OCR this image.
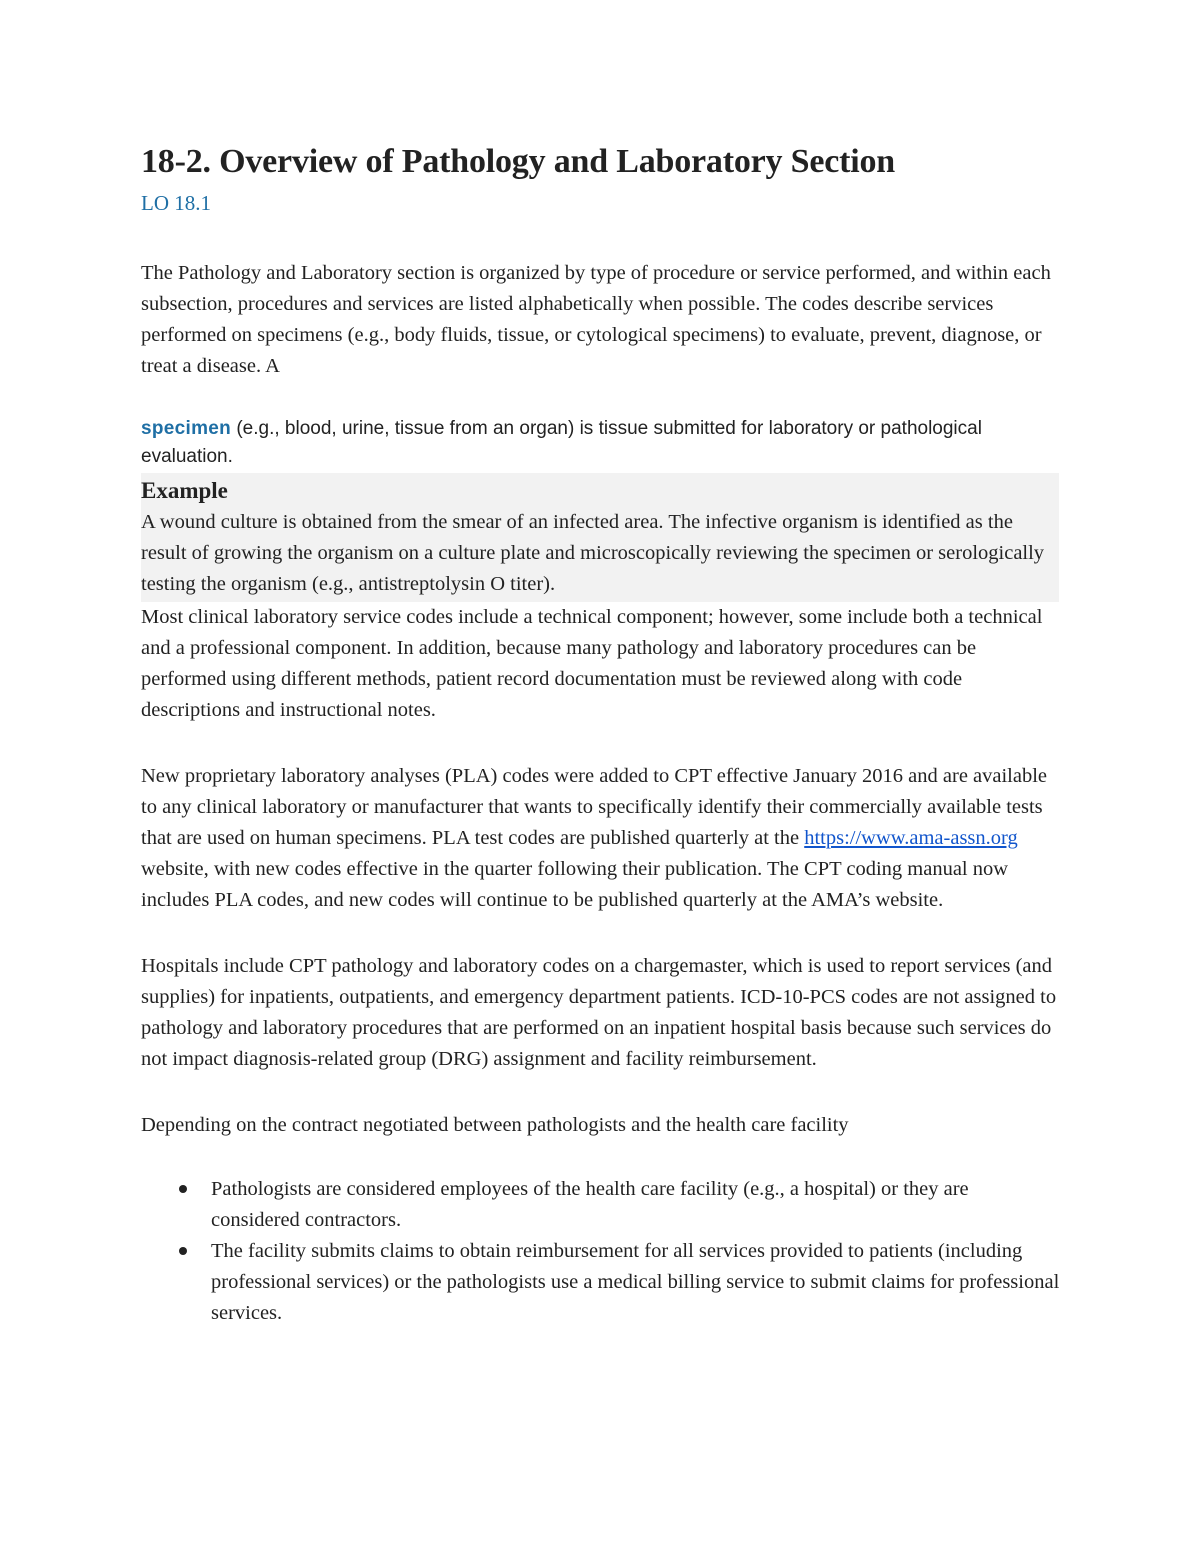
18-2. Overview of Pathology and Laboratory Section
LO 18.1

The Pathology and Laboratory section is organized by type of procedure or service performed, and within each subsection, procedures and services are listed alphabetically when possible. The codes describe services performed on specimens (e.g., body fluids, tissue, or cytological specimens) to evaluate, prevent, diagnose, or treat a disease. A

specimen (e.g., blood, urine, tissue from an organ) is tissue submitted for laboratory or pathological evaluation.
Example
A wound culture is obtained from the smear of an infected area. The infective organism is identified as the result of growing the organism on a culture plate and microscopically reviewing the specimen or serologically testing the organism (e.g., antistreptolysin O titer).

Most clinical laboratory service codes include a technical component; however, some include both a technical and a professional component. In addition, because many pathology and laboratory procedures can be performed using different methods, patient record documentation must be reviewed along with code descriptions and instructional notes.

New proprietary laboratory analyses (PLA) codes were added to CPT effective January 2016 and are available to any clinical laboratory or manufacturer that wants to specifically identify their commercially available tests that are used on human specimens. PLA test codes are published quarterly at the https://www.ama-assn.org website, with new codes effective in the quarter following their publication. The CPT coding manual now includes PLA codes, and new codes will continue to be published quarterly at the AMA’s website.

Hospitals include CPT pathology and laboratory codes on a chargemaster, which is used to report services (and supplies) for inpatients, outpatients, and emergency department patients. ICD-10-PCS codes are not assigned to pathology and laboratory procedures that are performed on an inpatient hospital basis because such services do not impact diagnosis-related group (DRG) assignment and facility reimbursement.

Depending on the contract negotiated between pathologists and the health care facility

Pathologists are considered employees of the health care facility (e.g., a hospital) or they are considered contractors.
The facility submits claims to obtain reimbursement for all services provided to patients (including professional services) or the pathologists use a medical billing service to submit claims for professional services.
